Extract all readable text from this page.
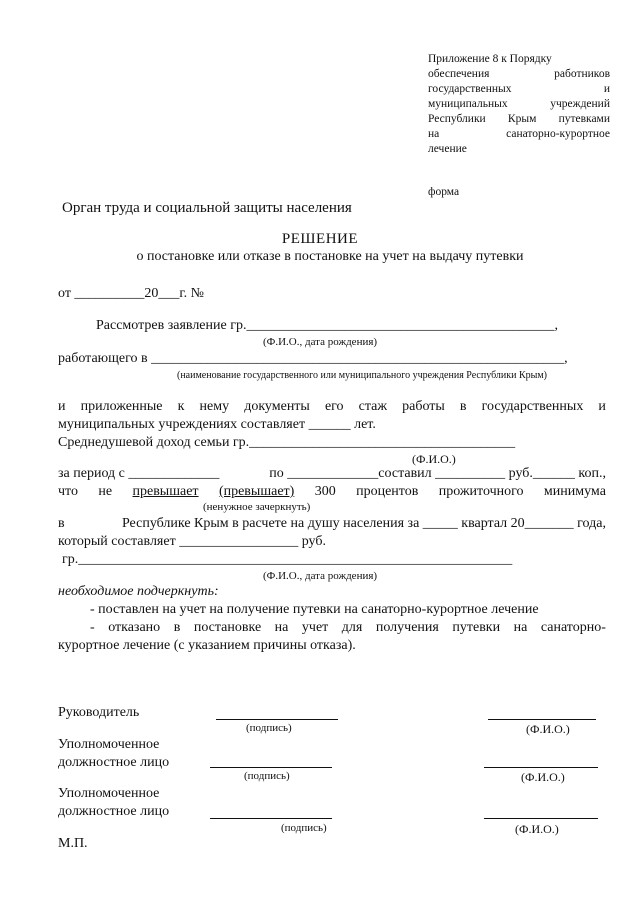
Приложение 8 к Порядку
обеспечения	работников
государственных	и
муниципальных	учреждений
Республики Крым путевками
на	санаторно-курортное
лечение
форма
Орган труда и социальной защиты населения
РЕШЕНИЕ
о постановке или отказе в постановке на учет на выдачу путевки
от __________20___г. №
Рассмотрев заявление гр.____________________________________________,
(Ф.И.О., дата рождения)
работающего в ___________________________________________________________,
(наименование государственного или муниципального учреждения Республики Крым)
и приложенные к нему документы его стаж работы в государственных и
муниципальных учреждениях составляет ______ лет.
Среднедушевой доход семьи гр.______________________________________
(Ф.И.О.)
за период с _____________	по _____________составил __________ руб.______ коп.,
что не превышает (превышает) 300 процентов прожиточного минимума
(ненужное зачеркнуть)
в	Республике Крым в расчете на душу населения за _____ квартал 20_______ года,
который составляет _________________ руб.
гр.______________________________________________________________
(Ф.И.О., дата рождения)
необходимое подчеркнуть:
- поставлен на учет на получение путевки на санаторно-курортное лечение
- отказано в постановке на учет для получения путевки на санаторно-
курортное лечение (с указанием причины отказа).
Руководитель
(подпись)	(Ф.И.О.)
Уполномоченное
должностное лицо
(подпись)	(Ф.И.О.)
Уполномоченное
должностное лицо
(подпись)	(Ф.И.О.)
М.П.
